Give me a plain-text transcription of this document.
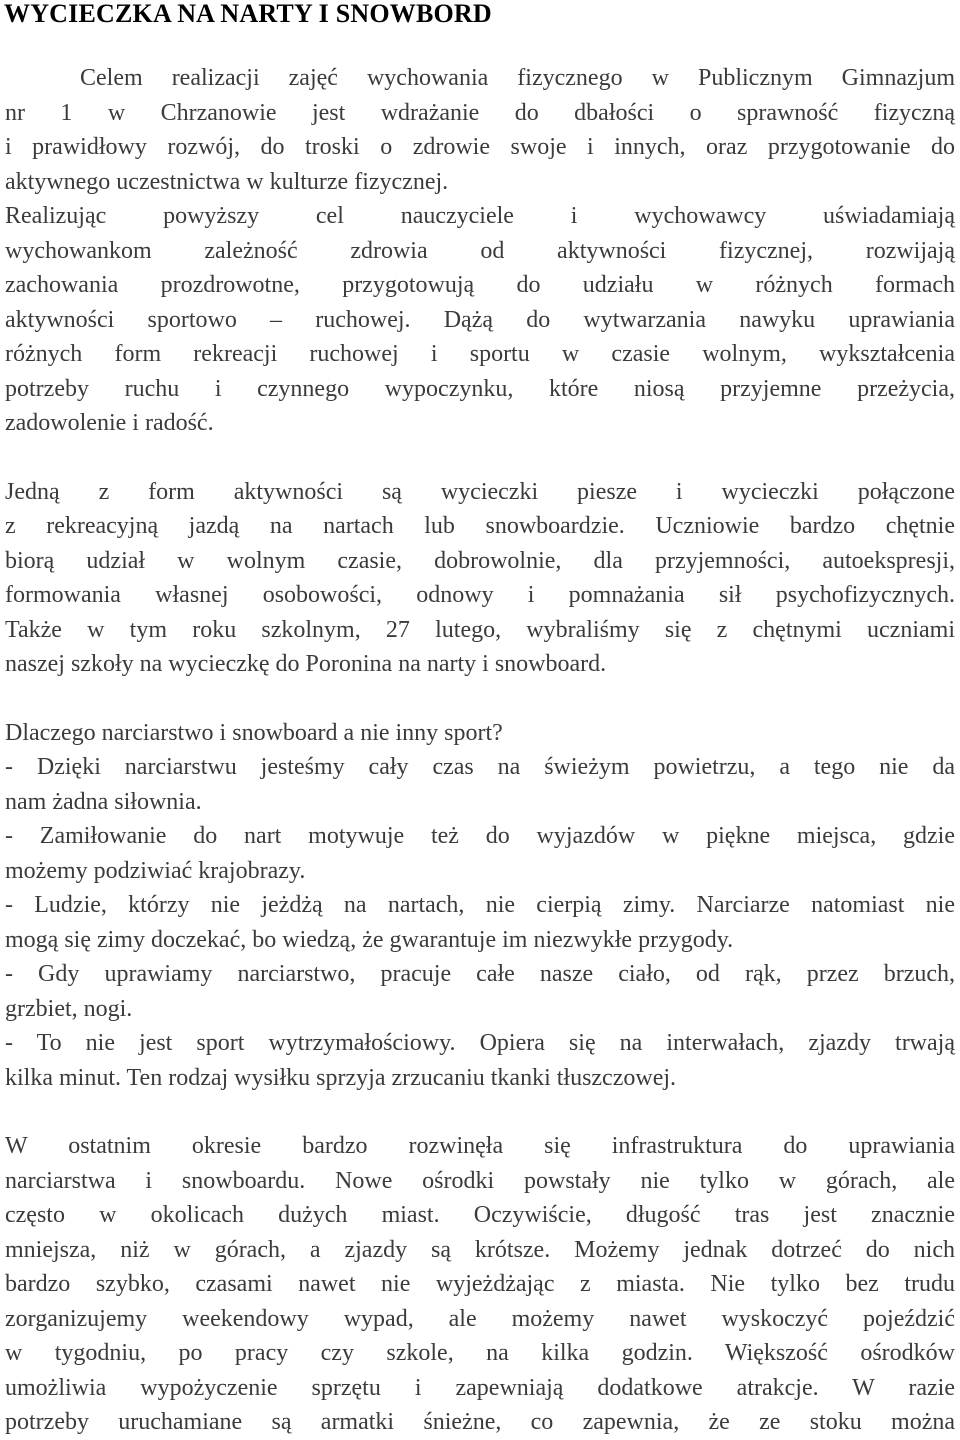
WYCIECZKA NA NARTY I SNOWBORD
Celem realizacji zajęć wychowania fizycznego w Publicznym Gimnazjum
nr 1 w Chrzanowie jest wdrażanie do dbałości o sprawność fizyczną
i prawidłowy rozwój, do troski o zdrowie swoje i innych, oraz przygotowanie do
aktywnego uczestnictwa w kulturze fizycznej.
Realizując powyższy cel nauczyciele i wychowawcy uświadamiają
wychowankom zależność zdrowia od aktywności fizycznej, rozwijają
zachowania prozdrowotne, przygotowują do udziału w różnych formach
aktywności sportowo – ruchowej. Dążą do wytwarzania nawyku uprawiania
różnych form rekreacji ruchowej i sportu w czasie wolnym, wykształcenia
potrzeby ruchu i czynnego wypoczynku, które niosą przyjemne przeżycia,
zadowolenie i radość.
Jedną z form aktywności są wycieczki piesze i wycieczki połączone
z rekreacyjną jazdą na nartach lub snowboardzie. Uczniowie bardzo chętnie
biorą udział w wolnym czasie, dobrowolnie, dla przyjemności, autoekspresji,
formowania własnej osobowości, odnowy i pomnażania sił psychofizycznych.
Także w tym roku szkolnym, 27 lutego, wybraliśmy się z chętnymi uczniami
naszej szkoły na wycieczkę do Poronina na narty i snowboard.
Dlaczego narciarstwo i snowboard a nie inny sport?
- Dzięki narciarstwu jesteśmy cały czas na świeżym powietrzu, a tego nie da
nam żadna siłownia.
- Zamiłowanie do nart motywuje też do wyjazdów w piękne miejsca, gdzie
możemy podziwiać krajobrazy.
- Ludzie, którzy nie jeżdżą na nartach, nie cierpią zimy. Narciarze natomiast nie
mogą się zimy doczekać, bo wiedzą, że gwarantuje im niezwykłe przygody.
- Gdy uprawiamy narciarstwo, pracuje całe nasze ciało, od rąk, przez brzuch,
grzbiet, nogi.
- To nie jest sport wytrzymałościowy. Opiera się na interwałach, zjazdy trwają
kilka minut. Ten rodzaj wysiłku sprzyja zrzucaniu tkanki tłuszczowej.
W ostatnim okresie bardzo rozwinęła się infrastruktura do uprawiania
narciarstwa i snowboardu. Nowe ośrodki powstały nie tylko w górach, ale
często w okolicach dużych miast. Oczywiście, długość tras jest znacznie
mniejsza, niż w górach, a zjazdy są krótsze. Możemy jednak dotrzeć do nich
bardzo szybko, czasami nawet nie wyjeżdżając z miasta. Nie tylko bez trudu
zorganizujemy weekendowy wypad, ale możemy nawet wyskoczyć pojeździć
w tygodniu, po pracy czy szkole, na kilka godzin. Większość ośrodków
umożliwia wypożyczenie sprzętu i zapewniają dodatkowe atrakcje. W razie
potrzeby uruchamiane są armatki śnieżne, co zapewnia, że ze stoku można
